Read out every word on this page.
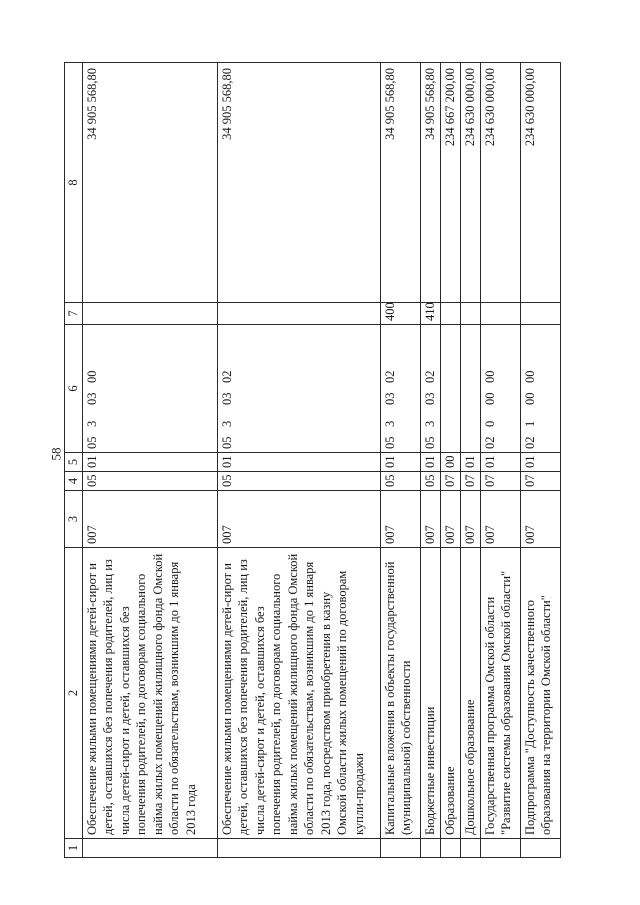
58
1	2	3	4	5	6	7	8
	Обеспечение жилыми помещениями детей-сирот и детей, оставшихся без попечения родителей, лиц из числа детей-сирот и детей, оставшихся без попечения родителей, по договорам социального найма жилых помещений жилищного фонда Омской области по обязательствам, возникшим до 1 января 2013 года	007	05	01	0530300		34 905 568,80
	Обеспечение жилыми помещениями детей-сирот и детей, оставшихся без попечения родителей, лиц из числа детей-сирот и детей, оставшихся без попечения родителей, по договорам социального найма жилых помещений жилищного фонда Омской области по обязательствам, возникшим до 1 января 2013 года, посредством приобретения в казну Омской области жилых помещений по договорам купли-продажи	007	05	01	0530302		34 905 568,80
	Капитальные вложения в объекты государственной (муниципальной) собственности	007	05	01	0530302	400	34 905 568,80
	Бюджетные инвестиции	007	05	01	0530302	410	34 905 568,80
	Образование	007	07	00			234 667 200,00
	Дошкольное образование	007	07	01			234 630 000,00
	Государственная программа Омской области "Развитие системы образования Омской области"	007	07	01	0200000		234 630 000,00
	Подпрограмма "Доступность качественного образования на территории Омской области"	007	07	01	0210000		234 630 000,00
